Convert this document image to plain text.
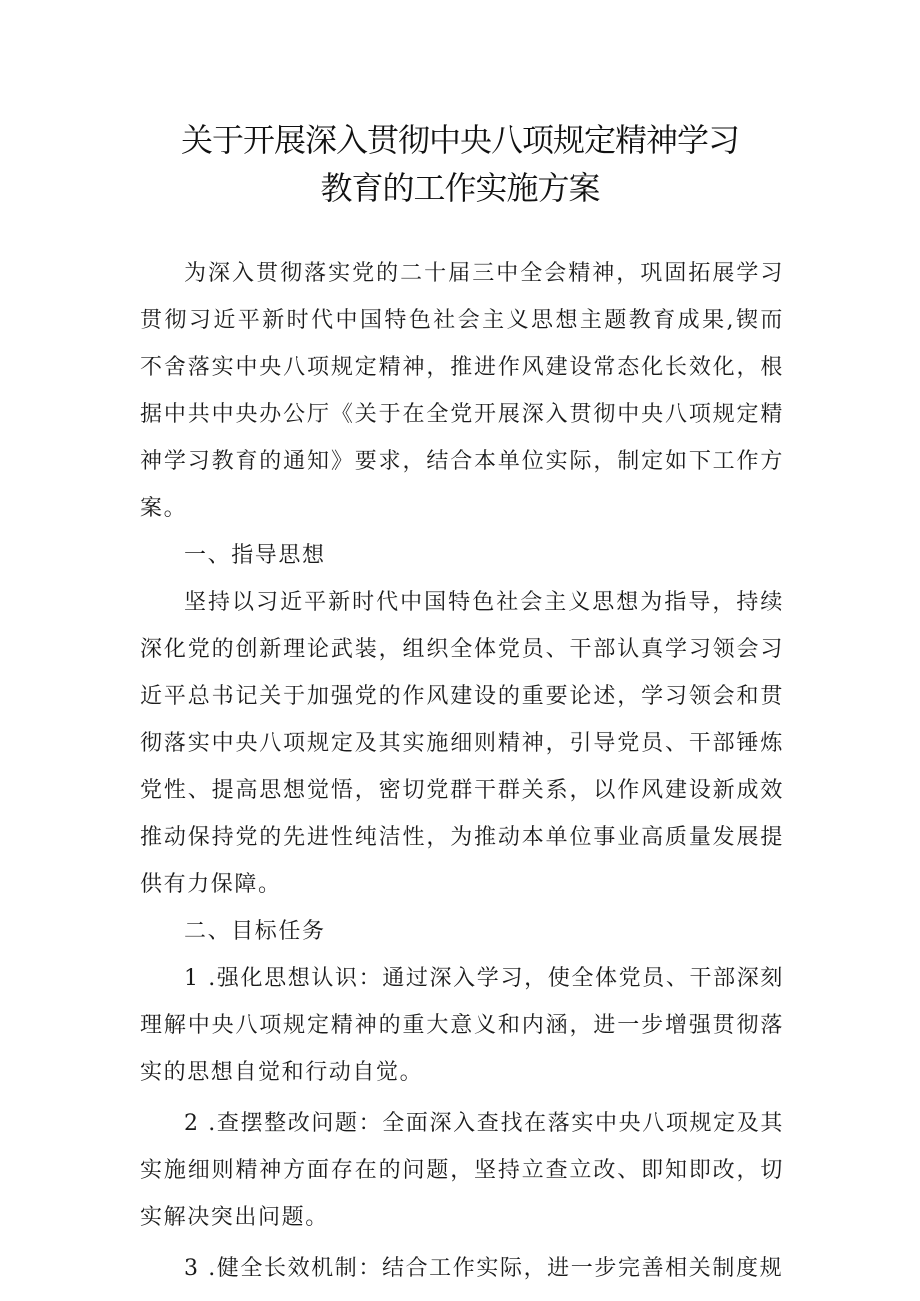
关于开展深入贯彻中央八项规定精神学习
教育的工作实施方案

为深入贯彻落实党的二十届三中全会精神，巩固拓展学习贯彻习近平新时代中国特色社会主义思想主题教育成果,锲而不舍落实中央八项规定精神，推进作风建设常态化长效化，根据中共中央办公厅《关于在全党开展深入贯彻中央八项规定精神学习教育的通知》要求，结合本单位实际，制定如下工作方案。

一、指导思想

坚持以习近平新时代中国特色社会主义思想为指导，持续深化党的创新理论武装，组织全体党员、干部认真学习领会习近平总书记关于加强党的作风建设的重要论述，学习领会和贯彻落实中央八项规定及其实施细则精神，引导党员、干部锤炼党性、提高思想觉悟，密切党群干群关系，以作风建设新成效推动保持党的先进性纯洁性，为推动本单位事业高质量发展提供有力保障。

二、目标任务

1 .强化思想认识：通过深入学习，使全体党员、干部深刻理解中央八项规定精神的重大意义和内涵，进一步增强贯彻落实的思想自觉和行动自觉。

2 .查摆整改问题：全面深入查找在落实中央八项规定及其实施细则精神方面存在的问题，坚持立查立改、即知即改，切实解决突出问题。

3 .健全长效机制：结合工作实际，进一步完善相关制度规
